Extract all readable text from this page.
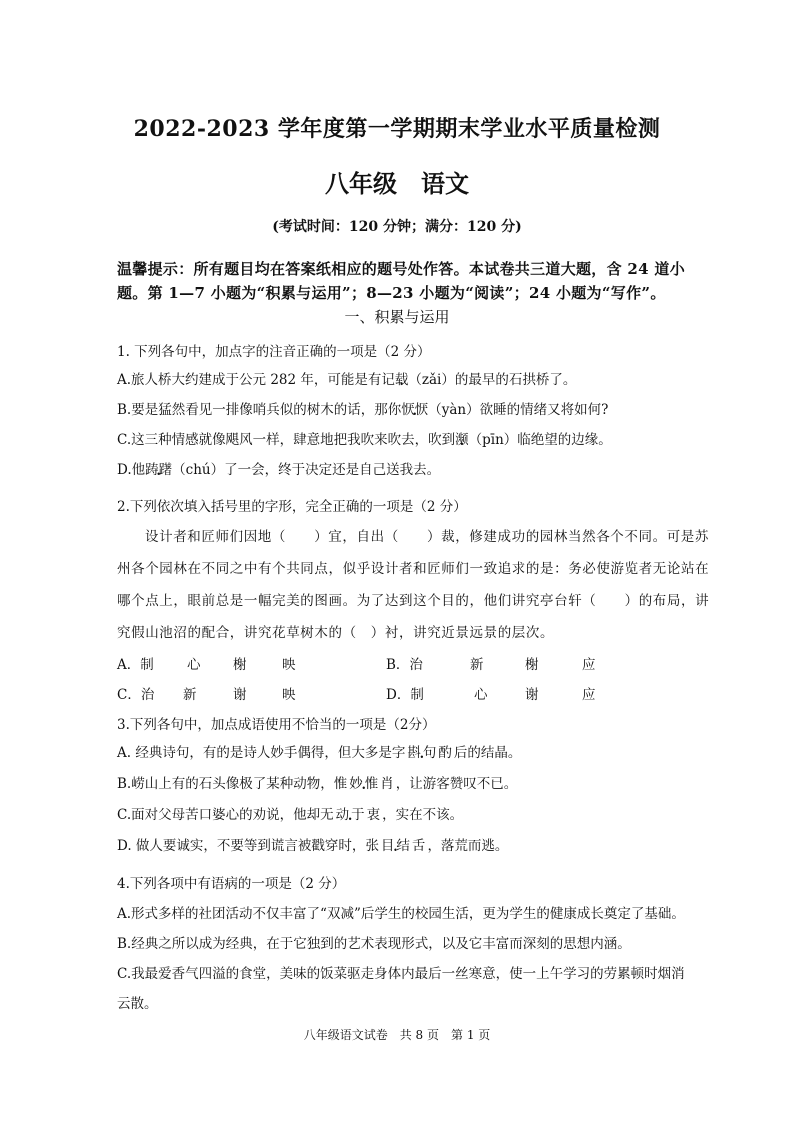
2022-2023 学年度第一学期期末学业水平质量检测
八年级　语文
(考试时间：120 分钟；满分：120 分)
温馨提示：所有题目均在答案纸相应的题号处作答。本试卷共三道大题，含 24 道小
题。第 1—7 小题为“积累与运用”；8—23 小题为“阅读”；24 小题为“写作”。
一、积累与运用
1. 下列各句中，加点字的注音正确的一项是（2 分）
A.旅人桥大约建成于公元 282 年，可能是有记载（zǎi）的最早的石拱桥了。
B.要是猛然看见一排像哨兵似的树木的话，那你恹恹（yàn）欲睡的情绪又将如何?
C.这三种情感就像飓风一样，肆意地把我吹来吹去，吹到濒（pīn）临绝望的边缘。
D.他踌躇（chú）了一会，终于决定还是自己送我去。
2.下列依次填入括号里的字形，完全正确的一项是（2 分）
设计者和匠师们因地（　　）宜，自出（　　）裁，修建成功的园林当然各个不同。可是苏
州各个园林在不同之中有个共同点，似乎设计者和匠师们一致追求的是：务必使游览者无论站在
哪个点上，眼前总是一幅完美的图画。为了达到这个目的，他们讲究亭台轩（　　）的布局，讲
究假山池沼的配合，讲究花草树木的（　）衬，讲究近景远景的层次。
A．制 心 榭	映	B．治	新	榭	应
C．治 新	谢	映	D．制	心	谢	应
3.下列各句中，加点成语使用不恰当的一项是（2分）
A. 经典诗句，有的是诗人妙手偶得，但大多是字斟句酌后的结晶。
B.崂山上有的石头像极了某种动物，惟妙惟肖，让游客赞叹不已。
C.面对父母苦口婆心的劝说，他却无动于衷，实在不该。
D. 做人要诚实，不要等到谎言被戳穿时，张目结舌，落荒而逃。
4.下列各项中有语病的一项是（2 分）
A.形式多样的社团活动不仅丰富了“双减”后学生的校园生活，更为学生的健康成长奠定了基础。
B.经典之所以成为经典，在于它独到的艺术表现形式，以及它丰富而深刻的思想内涵。
C.我最爱香气四溢的食堂，美味的饭菜驱走身体内最后一丝寒意，使一上午学习的劳累顿时烟消
云散。
八年级语文试卷　共 8 页　第 1 页
